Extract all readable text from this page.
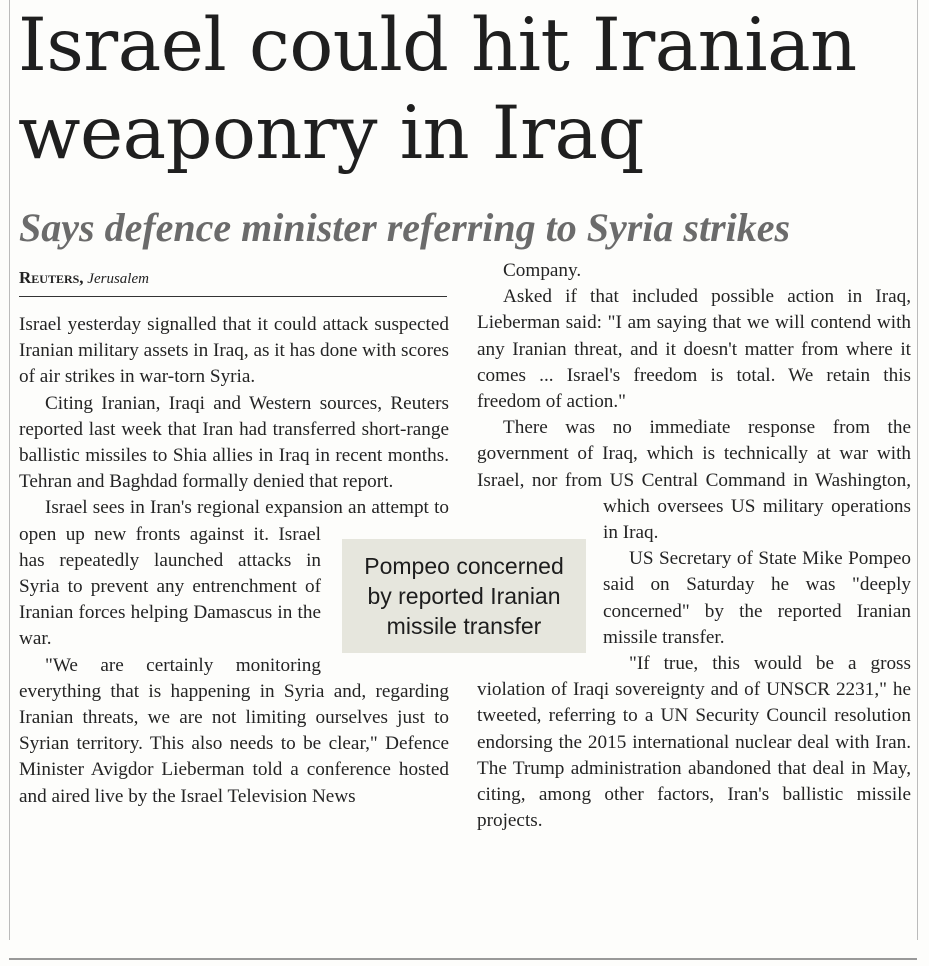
Israel could hit Iranian weaponry in Iraq
Says defence minister referring to Syria strikes
Reuters, Jerusalem

Israel yesterday signalled that it could attack suspected Iranian military assets in Iraq, as it has done with scores of air strikes in war-torn Syria.

Citing Iranian, Iraqi and Western sources, Reuters reported last week that Iran had transferred short-range ballistic missiles to Shia allies in Iraq in recent months. Tehran and Baghdad formally denied that report.

Israel sees in Iran's regional expansion an attempt to open up new fronts against it. Israel has repeatedly launched attacks in Syria to prevent any entrenchment of Iranian forces helping Damascus in the war.

"We are certainly monitoring everything that is happening in Syria and, regarding Iranian threats, we are not limiting ourselves just to Syrian territory. This also needs to be clear," Defence Minister Avigdor Lieberman told a conference hosted and aired live by the Israel Television News

Company.

Asked if that included possible action in Iraq, Lieberman said: "I am saying that we will contend with any Iranian threat, and it doesn't matter from where it comes ... Israel's freedom is total. We retain this freedom of action."

There was no immediate response from the government of Iraq, which is technically at war with Israel, nor from US Central Command in Washington, which oversees US military operations in Iraq.

US Secretary of State Mike Pompeo said on Saturday he was "deeply concerned" by the reported Iranian missile transfer.

"If true, this would be a gross violation of Iraqi sovereignty and of UNSCR 2231," he tweeted, referring to a UN Security Council resolution endorsing the 2015 international nuclear deal with Iran. The Trump administration abandoned that deal in May, citing, among other factors, Iran's ballistic missile projects.

Pompeo concerned by reported Iranian missile transfer
